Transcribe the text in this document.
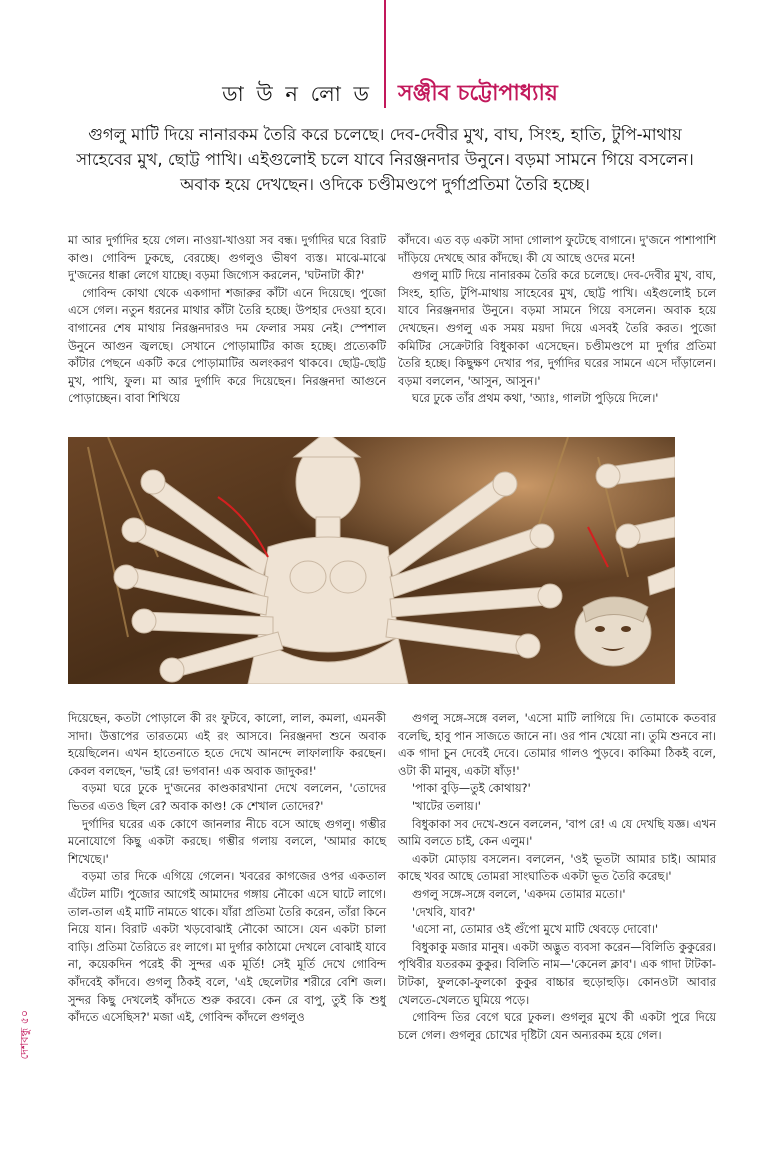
ডা উ ন লো ড সঞ্জীব চট্টোপাধ্যায়
গুগলু মাটি দিয়ে নানারকম তৈরি করে চলেছে। দেব-দেবীর মুখ, বাঘ, সিংহ, হাতি, টুপি-মাথায় সাহেবের মুখ, ছোট্ট পাখি। এইগুলোই চলে যাবে নিরঞ্জনদার উনুনে। বড়মা সামনে গিয়ে বসলেন। অবাক হয়ে দেখছেন। ওদিকে চণ্ডীমণ্ডপে দুর্গাপ্রতিমা তৈরি হচ্ছে।

মা আর দুর্গাদির হয়ে গেল। নাওয়া-খাওয়া সব বন্ধ। দুর্গাদির ঘরে বিরাট কাণ্ড। গোবিন্দ ঢুকছে, বেরচ্ছে। গুগলুও ভীষণ ব্যস্ত। মাঝে-মাঝে দু'জনের ধাক্কা লেগে যাচ্ছে। বড়মা জিগ্যেস করলেন, 'ঘটনাটা কী?'

গোবিন্দ কোথা থেকে একগাদা শজারুর কাঁটা এনে দিয়েছে। পুজো এসে গেল। নতুন ধরনের মাথার কাঁটা তৈরি হচ্ছে। উপহার দেওয়া হবে। বাগানের শেষ মাথায় নিরঞ্জনদারও দম ফেলার সময় নেই। স্পেশাল উনুনে আগুন জ্বলছে। সেখানে পোড়ামাটির কাজ হচ্ছে। প্রত্যেকটি কাঁটার পেছনে একটি করে পোড়ামাটির অলংকরণ থাকবে। ছোট্ট-ছোট্ট মুখ, পাখি, ফুল। মা আর দুর্গাদি করে দিয়েছেন। নিরঞ্জনদা আগুনে পোড়াচ্ছেন। বাবা শিখিয়ে

কাঁদবে। এত বড় একটা সাদা গোলাপ ফুটেছে বাগানে। দু'জনে পাশাপাশি দাঁড়িয়ে দেখছে আর কাঁদছে। কী যে আছে ওদের মনে!

গুগলু মাটি দিয়ে নানারকম তৈরি করে চলেছে। দেব-দেবীর মুখ, বাঘ, সিংহ, হাতি, টুপি-মাথায় সাহেবের মুখ, ছোট্ট পাখি। এইগুলোই চলে যাবে নিরঞ্জনদার উনুনে। বড়মা সামনে গিয়ে বসলেন। অবাক হয়ে দেখছেন। গুগলু এক সময় ময়দা দিয়ে এসবই তৈরি করত। পুজো কমিটির সেক্রেটারি বিধুকাকা এসেছেন। চণ্ডীমণ্ডপে মা দুর্গার প্রতিমা তৈরি হচ্ছে। কিছুক্ষণ দেখার পর, দুর্গাদির ঘরের সামনে এসে দাঁড়ালেন। বড়মা বললেন, 'আসুন, আসুন।'

ঘরে ঢুকে তাঁর প্রথম কথা, 'অ্যাঃ, গালটা পুড়িয়ে দিলে।'

দিয়েছেন, কতটা পোড়ালে কী রং ফুটবে, কালো, লাল, কমলা, এমনকী সাদা। উত্তাপের তারতম্যে এই রং আসবে। নিরঞ্জনদা শুনে অবাক হয়েছিলেন। এখন হাতেনাতে হতে দেখে আনন্দে লাফালাফি করছেন। কেবল বলছেন, 'ভাই রে! ভগবান! এক অবাক জাদুকর!'

বড়মা ঘরে ঢুকে দু'জনের কাণ্ডকারখানা দেখে বললেন, 'তোদের ভিতর এতও ছিল রে? অবাক কাণ্ড! কে শেখাল তোদের?'

দুর্গাদির ঘরের এক কোণে জানলার নীচে বসে আছে গুগলু। গম্ভীর মনোযোগে কিছু একটা করছে। গম্ভীর গলায় বললে, 'আমার কাছে শিখেছে।'

বড়মা তার দিকে এগিয়ে গেলেন। খবরের কাগজের ওপর একতাল এঁটেল মাটি। পুজোর আগেই আমাদের গঙ্গায় নৌকো এসে ঘাটে লাগে। তাল-তাল এই মাটি নামতে থাকে। যাঁরা প্রতিমা তৈরি করেন, তাঁরা কিনে নিয়ে যান। বিরাট একটা খড়বোঝাই নৌকো আসে। যেন একটা চালা বাড়ি। প্রতিমা তৈরিতে রং লাগে। মা দুর্গার কাঠামো দেখলে বোঝাই যাবে না, কয়েকদিন পরেই কী সুন্দর এক মূর্তি! সেই মূর্তি দেখে গোবিন্দ কাঁদবেই কাঁদবে। গুগলু ঠিকই বলে, 'এই ছেলেটার শরীরে বেশি জল। সুন্দর কিছু দেখলেই কাঁদতে শুরু করবে। কেন রে বাপু, তুই কি শুধু কাঁদতে এসেছিস?' মজা এই, গোবিন্দ কাঁদলে গুগলুও

গুগলু সঙ্গে-সঙ্গে বলল, 'এসো মাটি লাগিয়ে দি। তোমাকে কতবার বলেছি, হাবু পান সাজতে জানে না। ওর পান খেয়ো না। তুমি শুনবে না। এক গাদা চুন দেবেই দেবে। তোমার গালও পুড়বে। কাকিমা ঠিকই বলে, ওটা কী মানুষ, একটা ষাঁড়!'

'পাকা বুড়ি—তুই কোথায়?'

'খাটের তলায়।'

বিধুকাকা সব দেখে-শুনে বললেন, 'বাপ রে! এ যে দেখছি যজ্ঞ। এখন আমি বলতে চাই, কেন এলুম।'

একটা মোড়ায় বসলেন। বললেন, 'ওই ভূতটা আমার চাই। আমার কাছে খবর আছে তোমরা সাংঘাতিক একটা ভূত তৈরি করেছ।'

গুগলু সঙ্গে-সঙ্গে বললে, 'একদম তোমার মতো।'

'দেখবি, যাব?'

'এসো না, তোমার ওই গুঁপো মুখে মাটি থেবড়ে দোবো।'

বিধুকাকু মজার মানুষ। একটা অদ্ভুত ব্যবসা করেন—বিলিতি কুকুরের। পৃথিবীর যতরকম কুকুর। বিলিতি নাম—'কেনেল ক্লাব'। এক গাদা টাটকা-টাটকা, ফুলকো-ফুলকো কুকুর বাচ্চার হুড়োহুড়ি। কোনওটা আবার খেলতে-খেলতে ঘুমিয়ে পড়ে।

গোবিন্দ তির বেগে ঘরে ঢুকল। গুগলুর মুখে কী একটা পুরে দিয়ে চলে গেল। গুগলুর চোখের দৃষ্টিটা যেন অন্যরকম হয়ে গেল।

দেশবন্ধু ৫০
